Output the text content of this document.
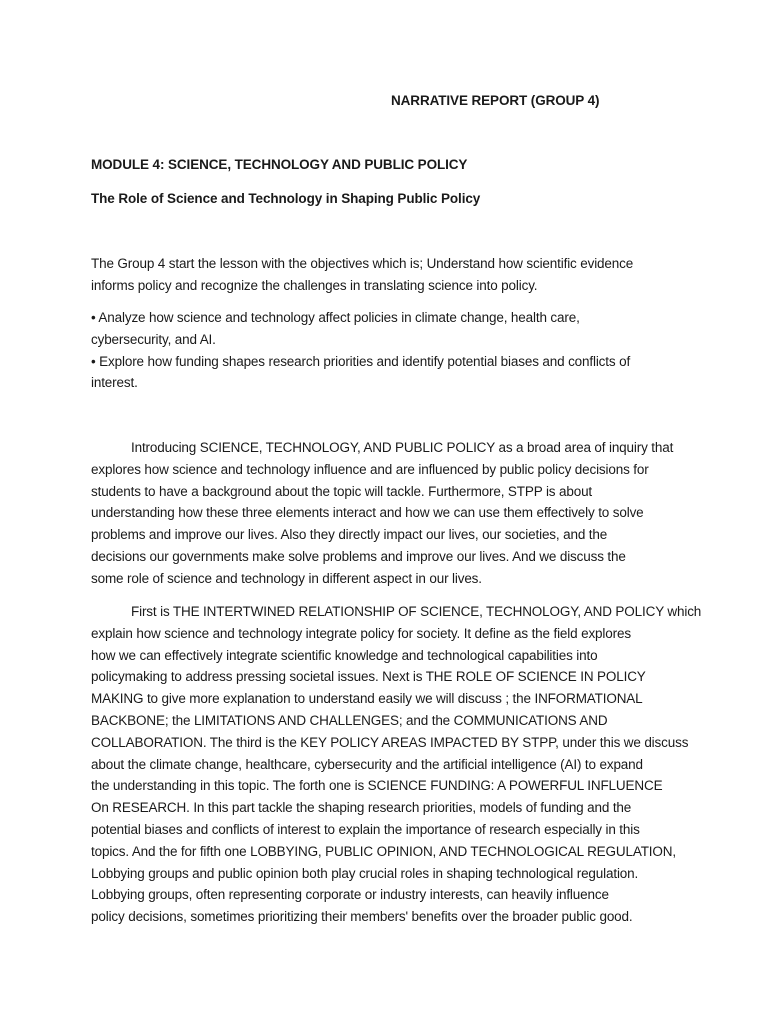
NARRATIVE REPORT (GROUP 4)
MODULE 4: SCIENCE, TECHNOLOGY AND PUBLIC POLICY
The Role of Science and Technology in Shaping Public Policy
The Group 4 start the lesson with the objectives which is; Understand how scientific evidence
informs policy and recognize the challenges in translating science into policy.
• Analyze how science and technology affect policies in climate change, health care,
cybersecurity, and AI.
• Explore how funding shapes research priorities and identify potential biases and conflicts of
interest.
Introducing SCIENCE, TECHNOLOGY, AND PUBLIC POLICY as a broad area of inquiry that
explores how science and technology influence and are influenced by public policy decisions for
students to have a background about the topic will tackle. Furthermore, STPP is about
understanding how these three elements interact and how we can use them effectively to solve
problems and improve our lives. Also they directly impact our lives, our societies, and the
decisions our governments make solve problems and improve our lives. And we discuss the
some role of science and technology in different aspect in our lives.
First is THE INTERTWINED RELATIONSHIP OF SCIENCE, TECHNOLOGY, AND POLICY which
explain how science and technology integrate policy for society. It define as the field explores
how we can effectively integrate scientific knowledge and technological capabilities into
policymaking to address pressing societal issues. Next is THE ROLE OF SCIENCE IN POLICY
MAKING to give more explanation to understand easily we will discuss ; the INFORMATIONAL
BACKBONE; the LIMITATIONS AND CHALLENGES; and the COMMUNICATIONS AND
COLLABORATION. The third is the KEY POLICY AREAS IMPACTED BY STPP, under this we discuss
about the climate change, healthcare, cybersecurity and the artificial intelligence (AI) to expand
the understanding in this topic. The forth one is SCIENCE FUNDING: A POWERFUL INFLUENCE
On RESEARCH. In this part tackle the shaping research priorities, models of funding and the
potential biases and conflicts of interest to explain the importance of research especially in this
topics. And the for fifth one LOBBYING, PUBLIC OPINION, AND TECHNOLOGICAL REGULATION,
Lobbying groups and public opinion both play crucial roles in shaping technological regulation.
Lobbying groups, often representing corporate or industry interests, can heavily influence
policy decisions, sometimes prioritizing their members' benefits over the broader public good.
